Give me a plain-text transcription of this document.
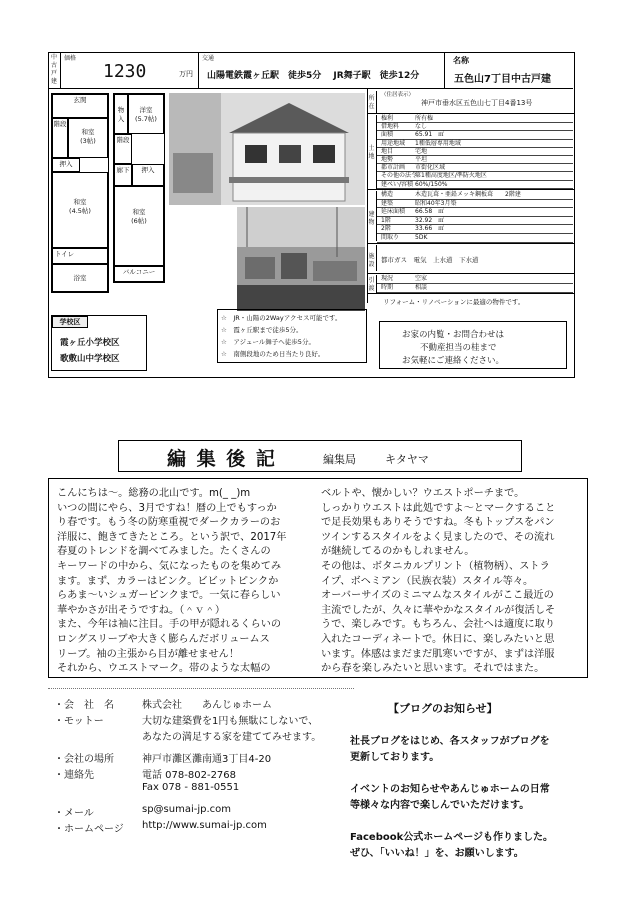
中
古
戸
建
価格
1230	万円
交通
山陽電鉄霞ヶ丘駅　徒歩5分　 JR舞子駅　徒歩12分
名称
五色山7丁目中古戸建
玄関
階段
和室
(3帖)
押入
和室
(4.5帖)
トイレ
浴室
物入
洋室
(5.7帖)
階段
廊下	押入
和室
(6帖)
バルコニー
学校区
霞ヶ丘小学校区
歌敷山中学校区
☆　JR・山陽の2Wayアクセス可能です。
☆　霞ヶ丘駅まで徒歩5分。
☆　アジュール舞子へ徒歩5分。
☆　南側段地のため日当たり良好。
所在
（住居表示）
神戸市垂水区五色山七丁目4番13号
土地
権利	所有権
借地料	なし
面積	65.91　㎡
用途地域 1種低層専用地域
地目	宅地
地勢	平坦
都市計画 市街化区域
その他の法令
第1種高度地区/準防火地区
建ぺい/容積 60%/150%
建物
構造	木造瓦葺・亜鉛メッキ鋼板葺　　2階建
建築	昭和40年3月築
延床面積 66.58　㎡
1階	32.92　㎡
2階	33.66　㎡
間取り	5DK
施設
都市ガス　電気　上水道　下水道
引渡
現況	空家
時期	相談
リフォーム・リノベーションに最適の物件です。
お家の内覧・お問合わせは
不動産担当の桂まで
お気軽にご連絡ください。
編 集 後 記	編集局	キタヤマ
こんにちは〜。総務の北山です。m(_ _)m
いつの間にやら、3月ですね！暦の上でもすっか
り春です。もう冬の防寒重視でダークカラーのお
洋服に、飽きてきたところ。という訳で、2017年
春夏のトレンドを調べてみました。たくさんの
キーワードの中から、気になったものを集めてみ
ます。まず、カラーはピンク。ビビットピンクか
らあま〜いシュガーピンクまで。一気に春らしい
華やかさが出そうですね。（＾ｖ＾）
また、今年は袖に注目。手の甲が隠れるくらいの
ロングスリーブや大きく膨らんだボリュームス
リーブ。袖の主張から目が離せません！
それから、ウエストマーク。帯のような太幅の
ベルトや、懐かしい？ウエストポーチまで。
しっかりウエストは此処ですよ〜とマークすること
で足長効果もありそうですね。冬もトップスをパン
ツインするスタイルをよく見ましたので、その流れ
が継続してるのかもしれません。
その他は、ボタニカルプリント（植物柄）、ストラ
イプ、ボヘミアン（民族衣装）スタイル等々。
オーバーサイズのミニマムなスタイルがここ最近の
主流でしたが、久々に華やかなスタイルが復活しそ
うで、楽しみです。もちろん、会社へは適度に取り
入れたコーディネートで。休日に、楽しみたいと思
います。体感はまだまだ肌寒いですが、まずは洋服
から春を楽しみたいと思います。それではまた。
・会　社　名	株式会社　　あんじゅホーム
・モットー	大切な建築費を1円も無駄にしないで、
あなたの満足する家を建ててみせます。
・会社の場所	神戸市灘区灘南通3丁目4-20
・連絡先	電話 078-802-2768
Fax 078 - 881-0551
・メール	sp@sumai-jp.com
・ホームページ http://www.sumai-jp.com
【ブログのお知らせ】
社長ブログをはじめ、各スタッフがブログを
更新しております。
イベントのお知らせやあんじゅホームの日常
等様々な内容で楽しんでいただけます。
Facebook公式ホームページも作りました。
ぜひ、「いいね！」を、お願いします。
